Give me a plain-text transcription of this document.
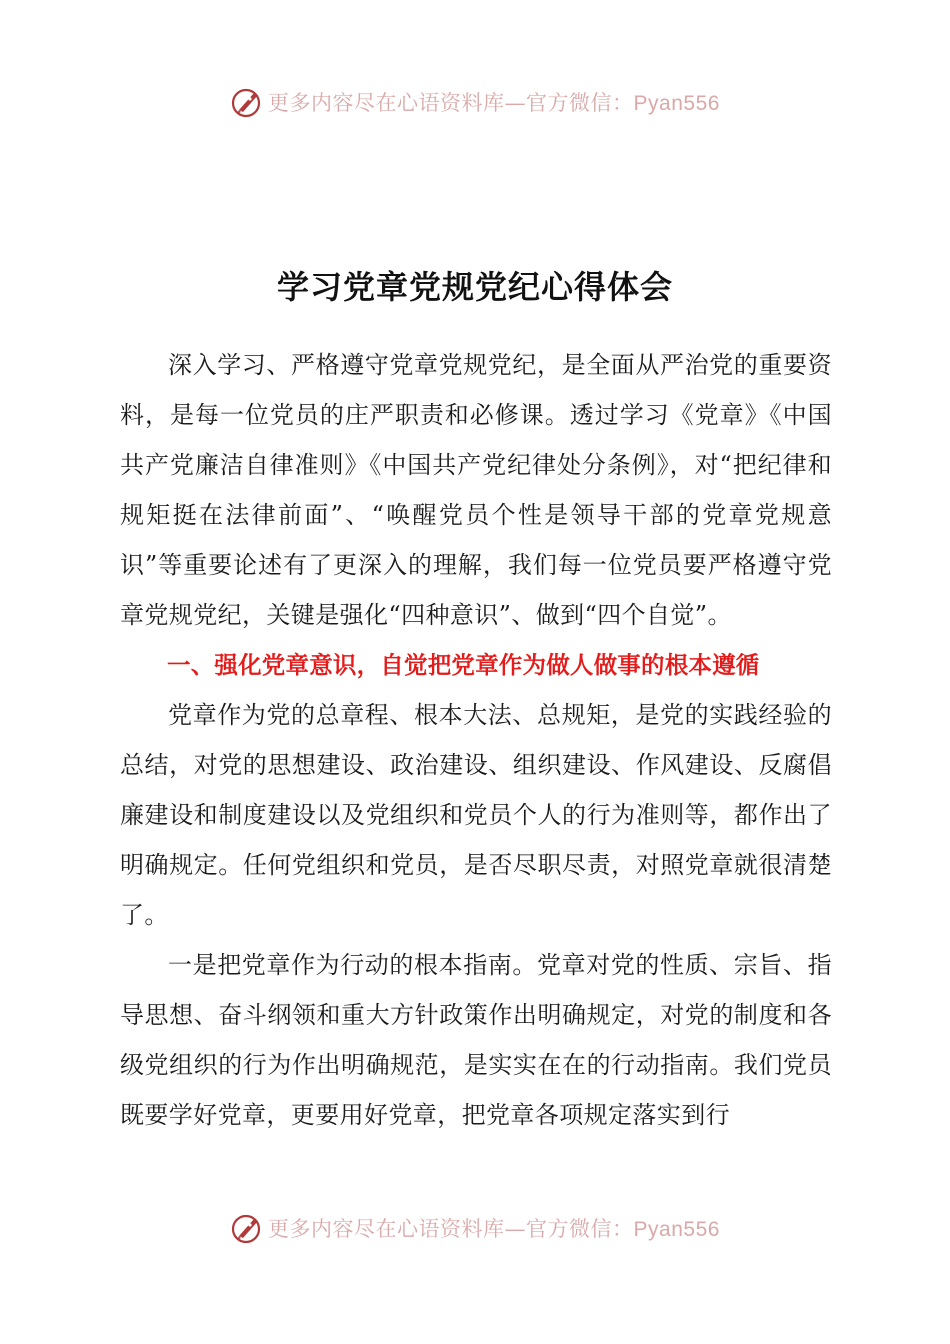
更多内容尽在心语资料库—官方微信：Pyan556
学习党章党规党纪心得体会

深入学习、严格遵守党章党规党纪，是全面从严治党的重要资料，是每一位党员的庄严职责和必修课。透过学习《党章》《中国共产党廉洁自律准则》《中国共产党纪律处分条例》，对“把纪律和规矩挺在法律前面”、“唤醒党员个性是领导干部的党章党规意识”等重要论述有了更深入的理解，我们每一位党员要严格遵守党章党规党纪，关键是强化“四种意识”、做到“四个自觉”。

一、强化党章意识，自觉把党章作为做人做事的根本遵循

党章作为党的总章程、根本大法、总规矩，是党的实践经验的总结，对党的思想建设、政治建设、组织建设、作风建设、反腐倡廉建设和制度建设以及党组织和党员个人的行为准则等，都作出了明确规定。任何党组织和党员，是否尽职尽责，对照党章就很清楚了。

一是把党章作为行动的根本指南。党章对党的性质、宗旨、指导思想、奋斗纲领和重大方针政策作出明确规定，对党的制度和各级党组织的行为作出明确规范，是实实在在的行动指南。我们党员既要学好党章，更要用好党章，把党章各项规定落实到行

更多内容尽在心语资料库—官方微信：Pyan556
